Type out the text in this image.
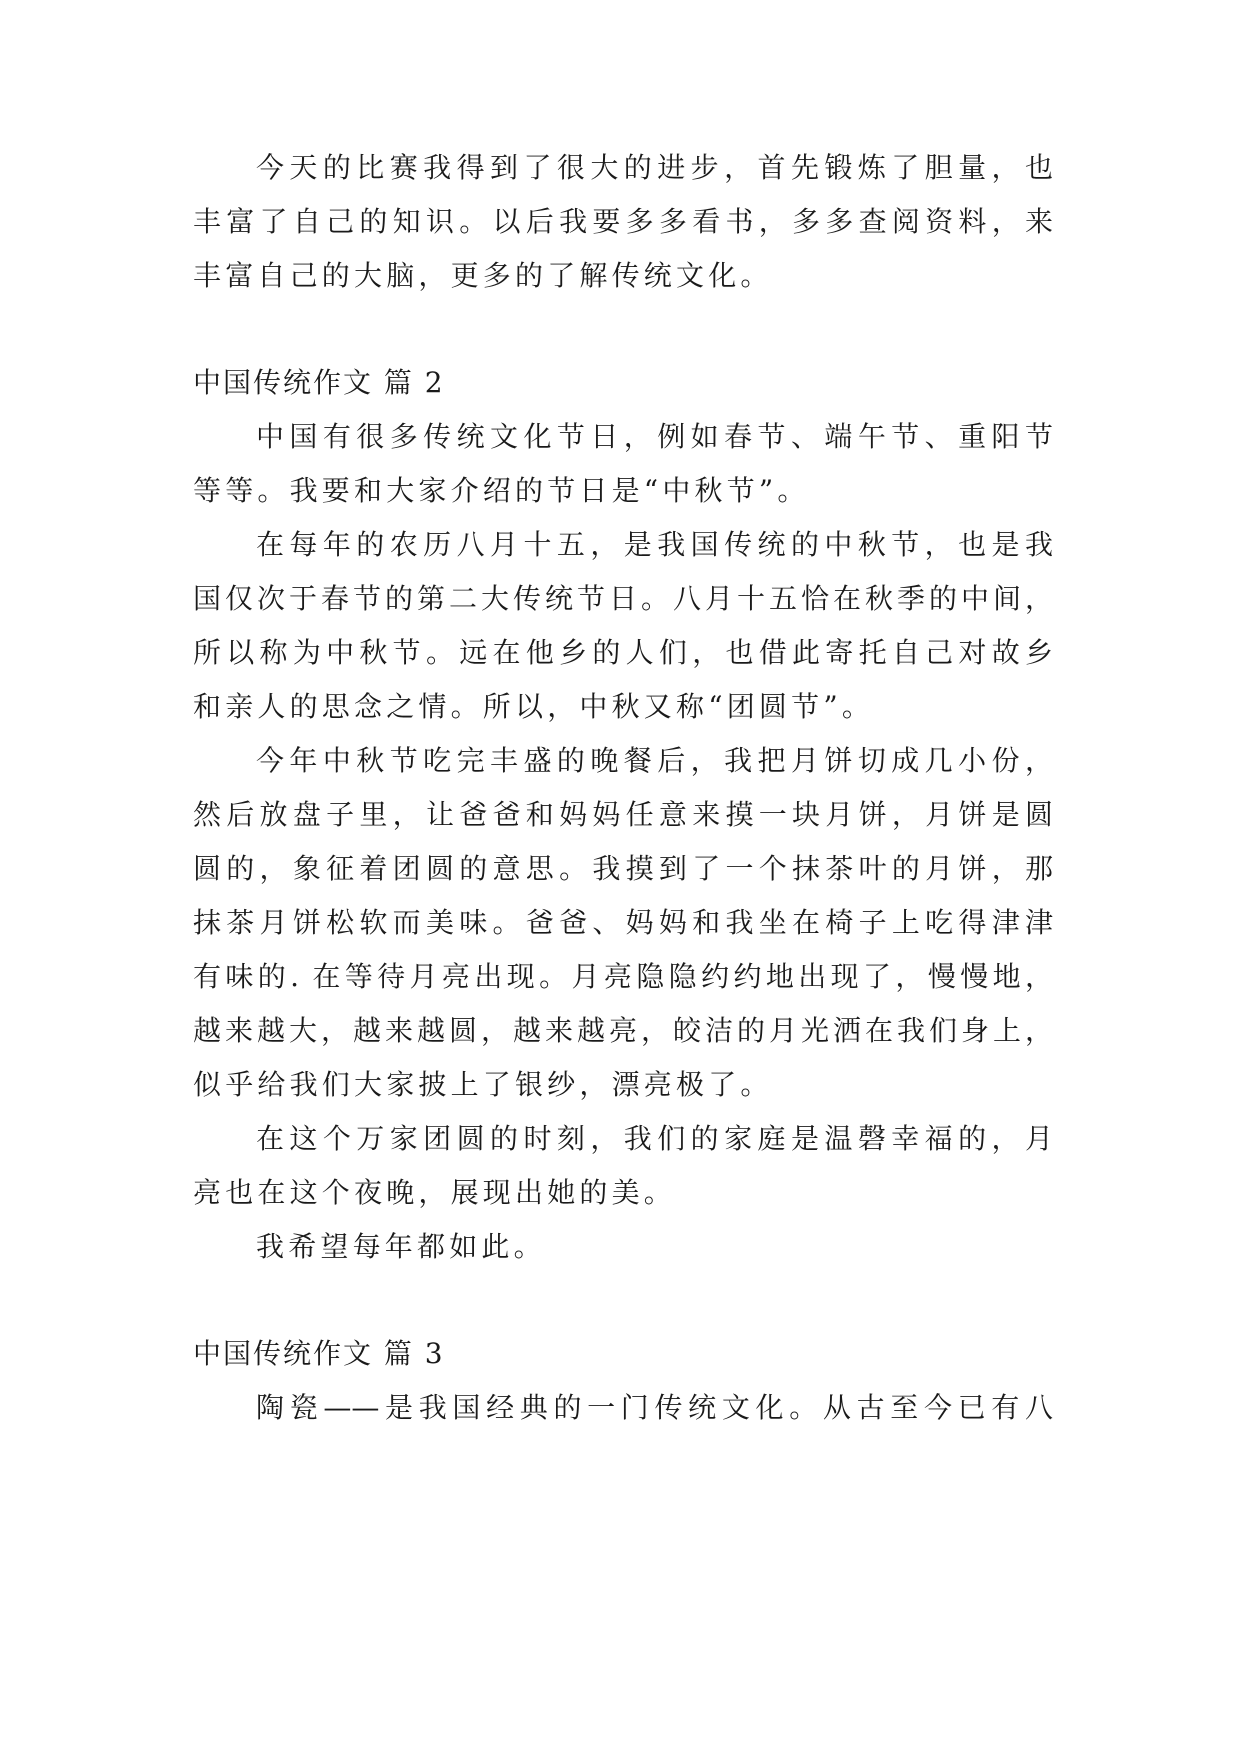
今天的比赛我得到了很大的进步，首先锻炼了胆量，也
丰富了自己的知识。以后我要多多看书，多多查阅资料，来
丰富自己的大脑，更多的了解传统文化。
中国传统作文 篇 2
中国有很多传统文化节日，例如春节、端午节、重阳节
等等。我要和大家介绍的节日是“中秋节”。
在每年的农历八月十五，是我国传统的中秋节，也是我
国仅次于春节的第二大传统节日。八月十五恰在秋季的中间，
所以称为中秋节。远在他乡的人们，也借此寄托自己对故乡
和亲人的思念之情。所以，中秋又称“团圆节”。
今年中秋节吃完丰盛的晚餐后，我把月饼切成几小份，
然后放盘子里，让爸爸和妈妈任意来摸一块月饼，月饼是圆
圆的，象征着团圆的意思。我摸到了一个抹茶叶的月饼，那
抹茶月饼松软而美味。爸爸、妈妈和我坐在椅子上吃得津津
有味的. 在等待月亮出现。月亮隐隐约约地出现了，慢慢地，
越来越大，越来越圆，越来越亮，皎洁的月光洒在我们身上，
似乎给我们大家披上了银纱，漂亮极了。
在这个万家团圆的时刻，我们的家庭是温磬幸福的，月
亮也在这个夜晚，展现出她的美。
我希望每年都如此。
中国传统作文 篇 3
陶瓷——是我国经典的一门传统文化。从古至今已有八
